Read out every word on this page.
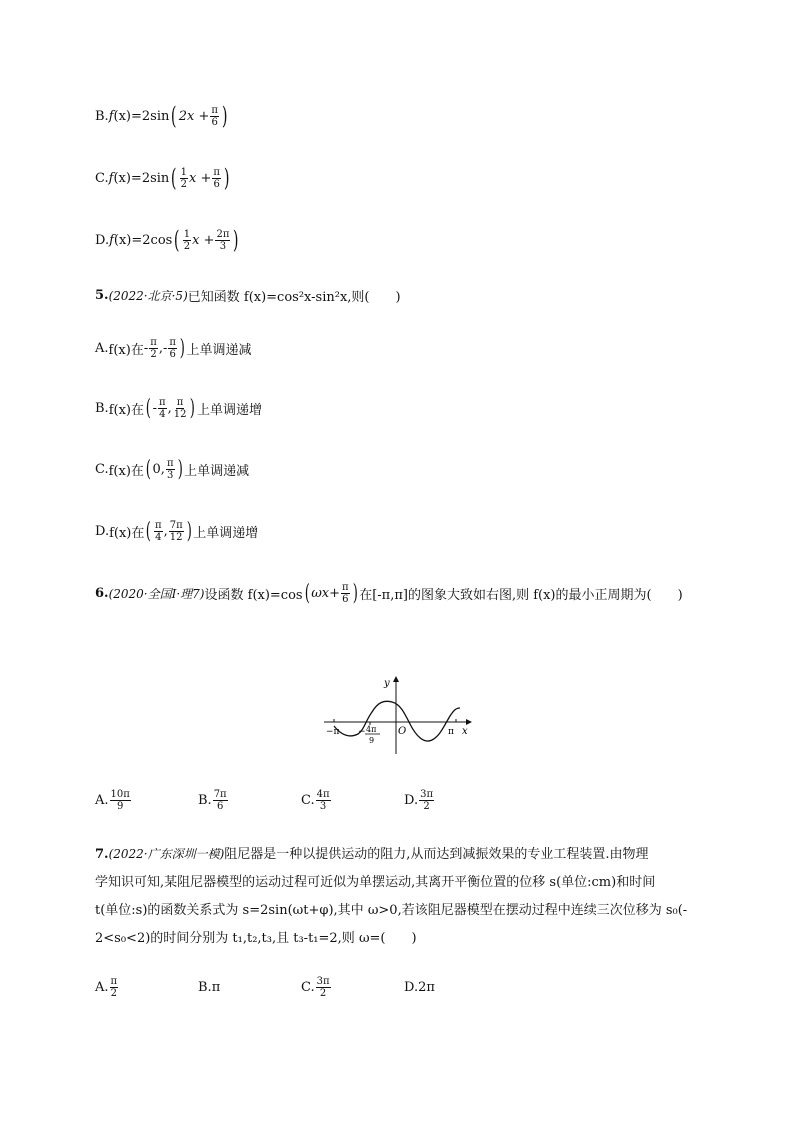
B. f (x) =2sin ( $2x + \frac{\pi}{6}$ )
C. f (x) =2sin ( $\frac{1}{2}$ $x + \frac{\pi}{6}$ )
D. f (x) =2cos ( $\frac{1}{2}$ $x + \frac{2\pi}{3}$ )
5. (2022·北京·5) 已知函数 f(x)=cos²x-sin²x,则(　　)
A. f(x)在 - $\frac{\pi}{2}$ ,- $\frac{\pi}{6}$ ) 上单调递减
B. f(x)在 ( - $\frac{\pi}{4}$ , $\frac{\pi}{12}$ ) 上单调递增
C. f(x)在 ( 0 , $\frac{\pi}{3}$ ) 上单调递减
D. f(x)在 ( $\frac{\pi}{4}$ , $\frac{7\pi}{12}$ ) 上单调递增
6. (2020·全国Ⅰ·理7) 设函数 f(x)=cos ( $\omega x+ \frac{\pi}{6}$ ) 在[-π,π]的图象大致如右图,则 f(x)的最小正周期为(　　)
y
x
O
−π	π
− 4π
9
A. $\frac{10\pi}{9}$	B. $\frac{7\pi}{6}$	C. $\frac{4\pi}{3}$	D. $\frac{3\pi}{2}$
7.(2022·广东深圳一模)阻尼器是一种以提供运动的阻力,从而达到减振效果的专业工程装置.由物理
学知识可知,某阻尼器模型的运动过程可近似为单摆运动,其离开平衡位置的位移 s(单位:cm)和时间
t(单位:s)的函数关系式为 s=2sin(ωt+φ),其中 ω>0,若该阻尼器模型在摆动过程中连续三次位移为 s₀(-
2<s₀<2)的时间分别为 t₁,t₂,t₃,且 t₃-t₁=2,则 ω=(　　)
A. $\frac{\pi}{2}$	B. π	C. $\frac{3\pi}{2}$	D. 2π
